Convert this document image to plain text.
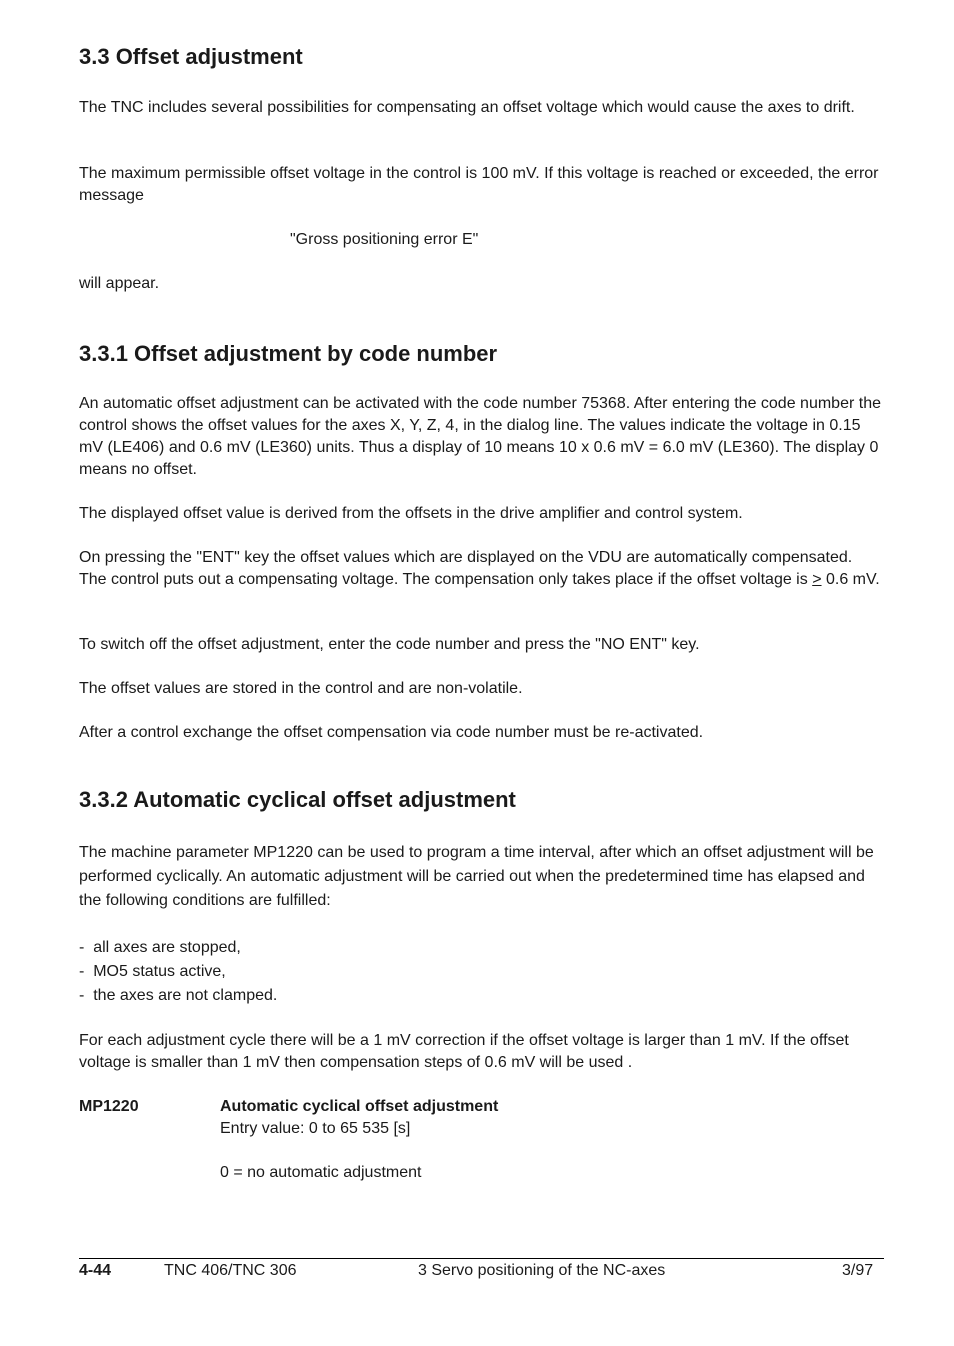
3.3 Offset adjustment

The TNC includes several possibilities for compensating an offset voltage which would cause the axes to drift.

The maximum permissible offset voltage in the control is 100 mV. If this voltage is reached or exceeded, the error message

"Gross positioning error E"
will appear.
3.3.1 Offset adjustment by code number

An automatic offset adjustment can be activated with the code number 75368. After entering the code number the control shows the offset values for the axes X, Y, Z, 4, in the dialog line. The values indicate the voltage in 0.15 mV (LE406) and 0.6 mV (LE360) units. Thus a display of 10 means 10 x 0.6 mV = 6.0 mV (LE360). The display 0 means no offset.

The displayed offset value is derived from the offsets in the drive amplifier and control system.

On pressing the "ENT" key the offset values which are displayed on the VDU are automatically compensated. The control puts out a compensating voltage. The compensation only takes place if the offset voltage is ≥ 0.6 mV.

To switch off the offset adjustment, enter the code number and press the "NO ENT" key.

The offset values are stored in the control and are non-volatile.

After a control exchange the offset compensation via code number must be re-activated.

3.3.2 Automatic cyclical offset adjustment

The machine parameter MP1220 can be used to program a time interval, after which an offset adjustment will be performed cyclically. An automatic adjustment will be carried out when the predetermined time has elapsed and the following conditions are fulfilled:

- all axes are stopped,
- MO5 status active,
- the axes are not clamped.

For each adjustment cycle there will be a 1 mV correction if the offset voltage is larger than 1 mV. If the offset voltage is smaller than 1 mV then compensation steps of 0.6 mV will be used .

MP1220	Automatic cyclical offset adjustment
Entry value: 0 to 65 535 [s]
0 = no automatic adjustment
4-44	TNC 406/TNC 306	3 Servo positioning of the NC-axes	3/97
